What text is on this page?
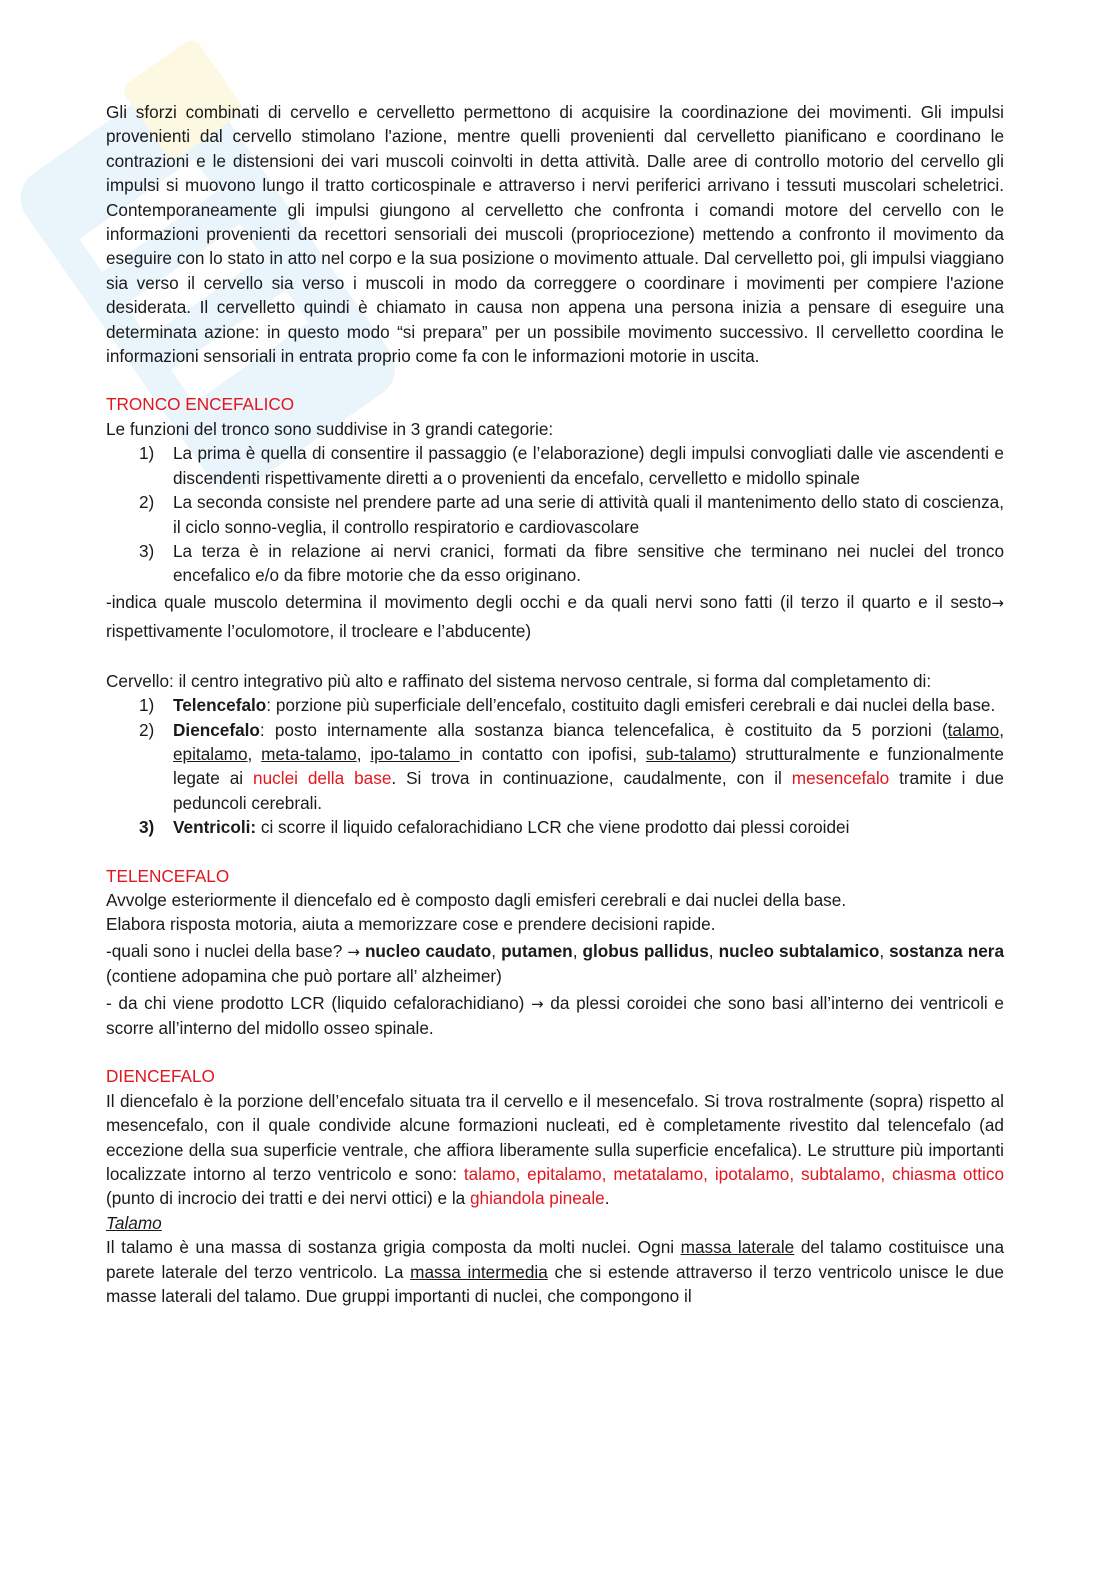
Gli sforzi combinati di cervello e cervelletto permettono di acquisire la coordinazione dei movimenti. Gli impulsi provenienti dal cervello stimolano l'azione, mentre quelli provenienti dal cervelletto pianificano e coordinano le contrazioni e le distensioni dei vari muscoli coinvolti in detta attività. Dalle aree di controllo motorio del cervello gli impulsi si muovono lungo il tratto corticospinale e attraverso i nervi periferici arrivano i tessuti muscolari scheletrici. Contemporaneamente gli impulsi giungono al cervelletto che confronta i comandi motore del cervello con le informazioni provenienti da recettori sensoriali dei muscoli (propriocezione) mettendo a confronto il movimento da eseguire con lo stato in atto nel corpo e la sua posizione o movimento attuale. Dal cervelletto poi, gli impulsi viaggiano sia verso il cervello sia verso i muscoli in modo da correggere o coordinare i movimenti per compiere l'azione desiderata. Il cervelletto quindi è chiamato in causa non appena una persona inizia a pensare di eseguire una determinata azione: in questo modo “si prepara” per un possibile movimento successivo. Il cervelletto coordina le informazioni sensoriali in entrata proprio come fa con le informazioni motorie in uscita.

TRONCO ENCEFALICO

Le funzioni del tronco sono suddivise in 3 grandi categorie:

1) La prima è quella di consentire il passaggio (e l’elaborazione) degli impulsi convogliati dalle vie ascendenti e discendenti rispettivamente diretti a o provenienti da encefalo, cervelletto e midollo spinale
2) La seconda consiste nel prendere parte ad una serie di attività quali il mantenimento dello stato di coscienza, il ciclo sonno-veglia, il controllo respiratorio e cardiovascolare
3) La terza è in relazione ai nervi cranici, formati da fibre sensitive che terminano nei nuclei del tronco encefalico e/o da fibre motorie che da esso originano.

-indica quale muscolo determina il movimento degli occhi e da quali nervi sono fatti (il terzo il quarto e il sesto→ rispettivamente l’oculomotore, il trocleare e l’abducente)

Cervello: il centro integrativo più alto e raffinato del sistema nervoso centrale, si forma dal completamento di:

1) Telencefalo: porzione più superficiale dell’encefalo, costituito dagli emisferi cerebrali e dai nuclei della base.
2) Diencefalo: posto internamente alla sostanza bianca telencefalica, è costituito da 5 porzioni (talamo, epitalamo, meta-talamo, ipo-talamo in contatto con ipofisi, sub-talamo) strutturalmente e funzionalmente legate ai nuclei della base. Si trova in continuazione, caudalmente, con il mesencefalo tramite i due peduncoli cerebrali.
3) Ventricoli: ci scorre il liquido cefalorachidiano LCR che viene prodotto dai plessi coroidei

TELENCEFALO

Avvolge esteriormente il diencefalo ed è composto dagli emisferi cerebrali e dai nuclei della base.

Elabora risposta motoria, aiuta a memorizzare cose e prendere decisioni rapide.

-quali sono i nuclei della base? → nucleo caudato, putamen, globus pallidus, nucleo subtalamico, sostanza nera (contiene adopamina che può portare all’ alzheimer)

- da chi viene prodotto LCR (liquido cefalorachidiano) → da plessi coroidei che sono basi all’interno dei ventricoli e scorre all’interno del midollo osseo spinale.

DIENCEFALO

Il diencefalo è la porzione dell’encefalo situata tra il cervello e il mesencefalo. Si trova rostralmente (sopra) rispetto al mesencefalo, con il quale condivide alcune formazioni nucleati, ed è completamente rivestito dal telencefalo (ad eccezione della sua superficie ventrale, che affiora liberamente sulla superficie encefalica). Le strutture più importanti localizzate intorno al terzo ventricolo e sono: talamo, epitalamo, metatalamo, ipotalamo, subtalamo, chiasma ottico (punto di incrocio dei tratti e dei nervi ottici) e la ghiandola pineale.

Talamo

Il talamo è una massa di sostanza grigia composta da molti nuclei. Ogni massa laterale del talamo costituisce una parete laterale del terzo ventricolo. La massa intermedia che si estende attraverso il terzo ventricolo unisce le due masse laterali del talamo. Due gruppi importanti di nuclei, che compongono il
